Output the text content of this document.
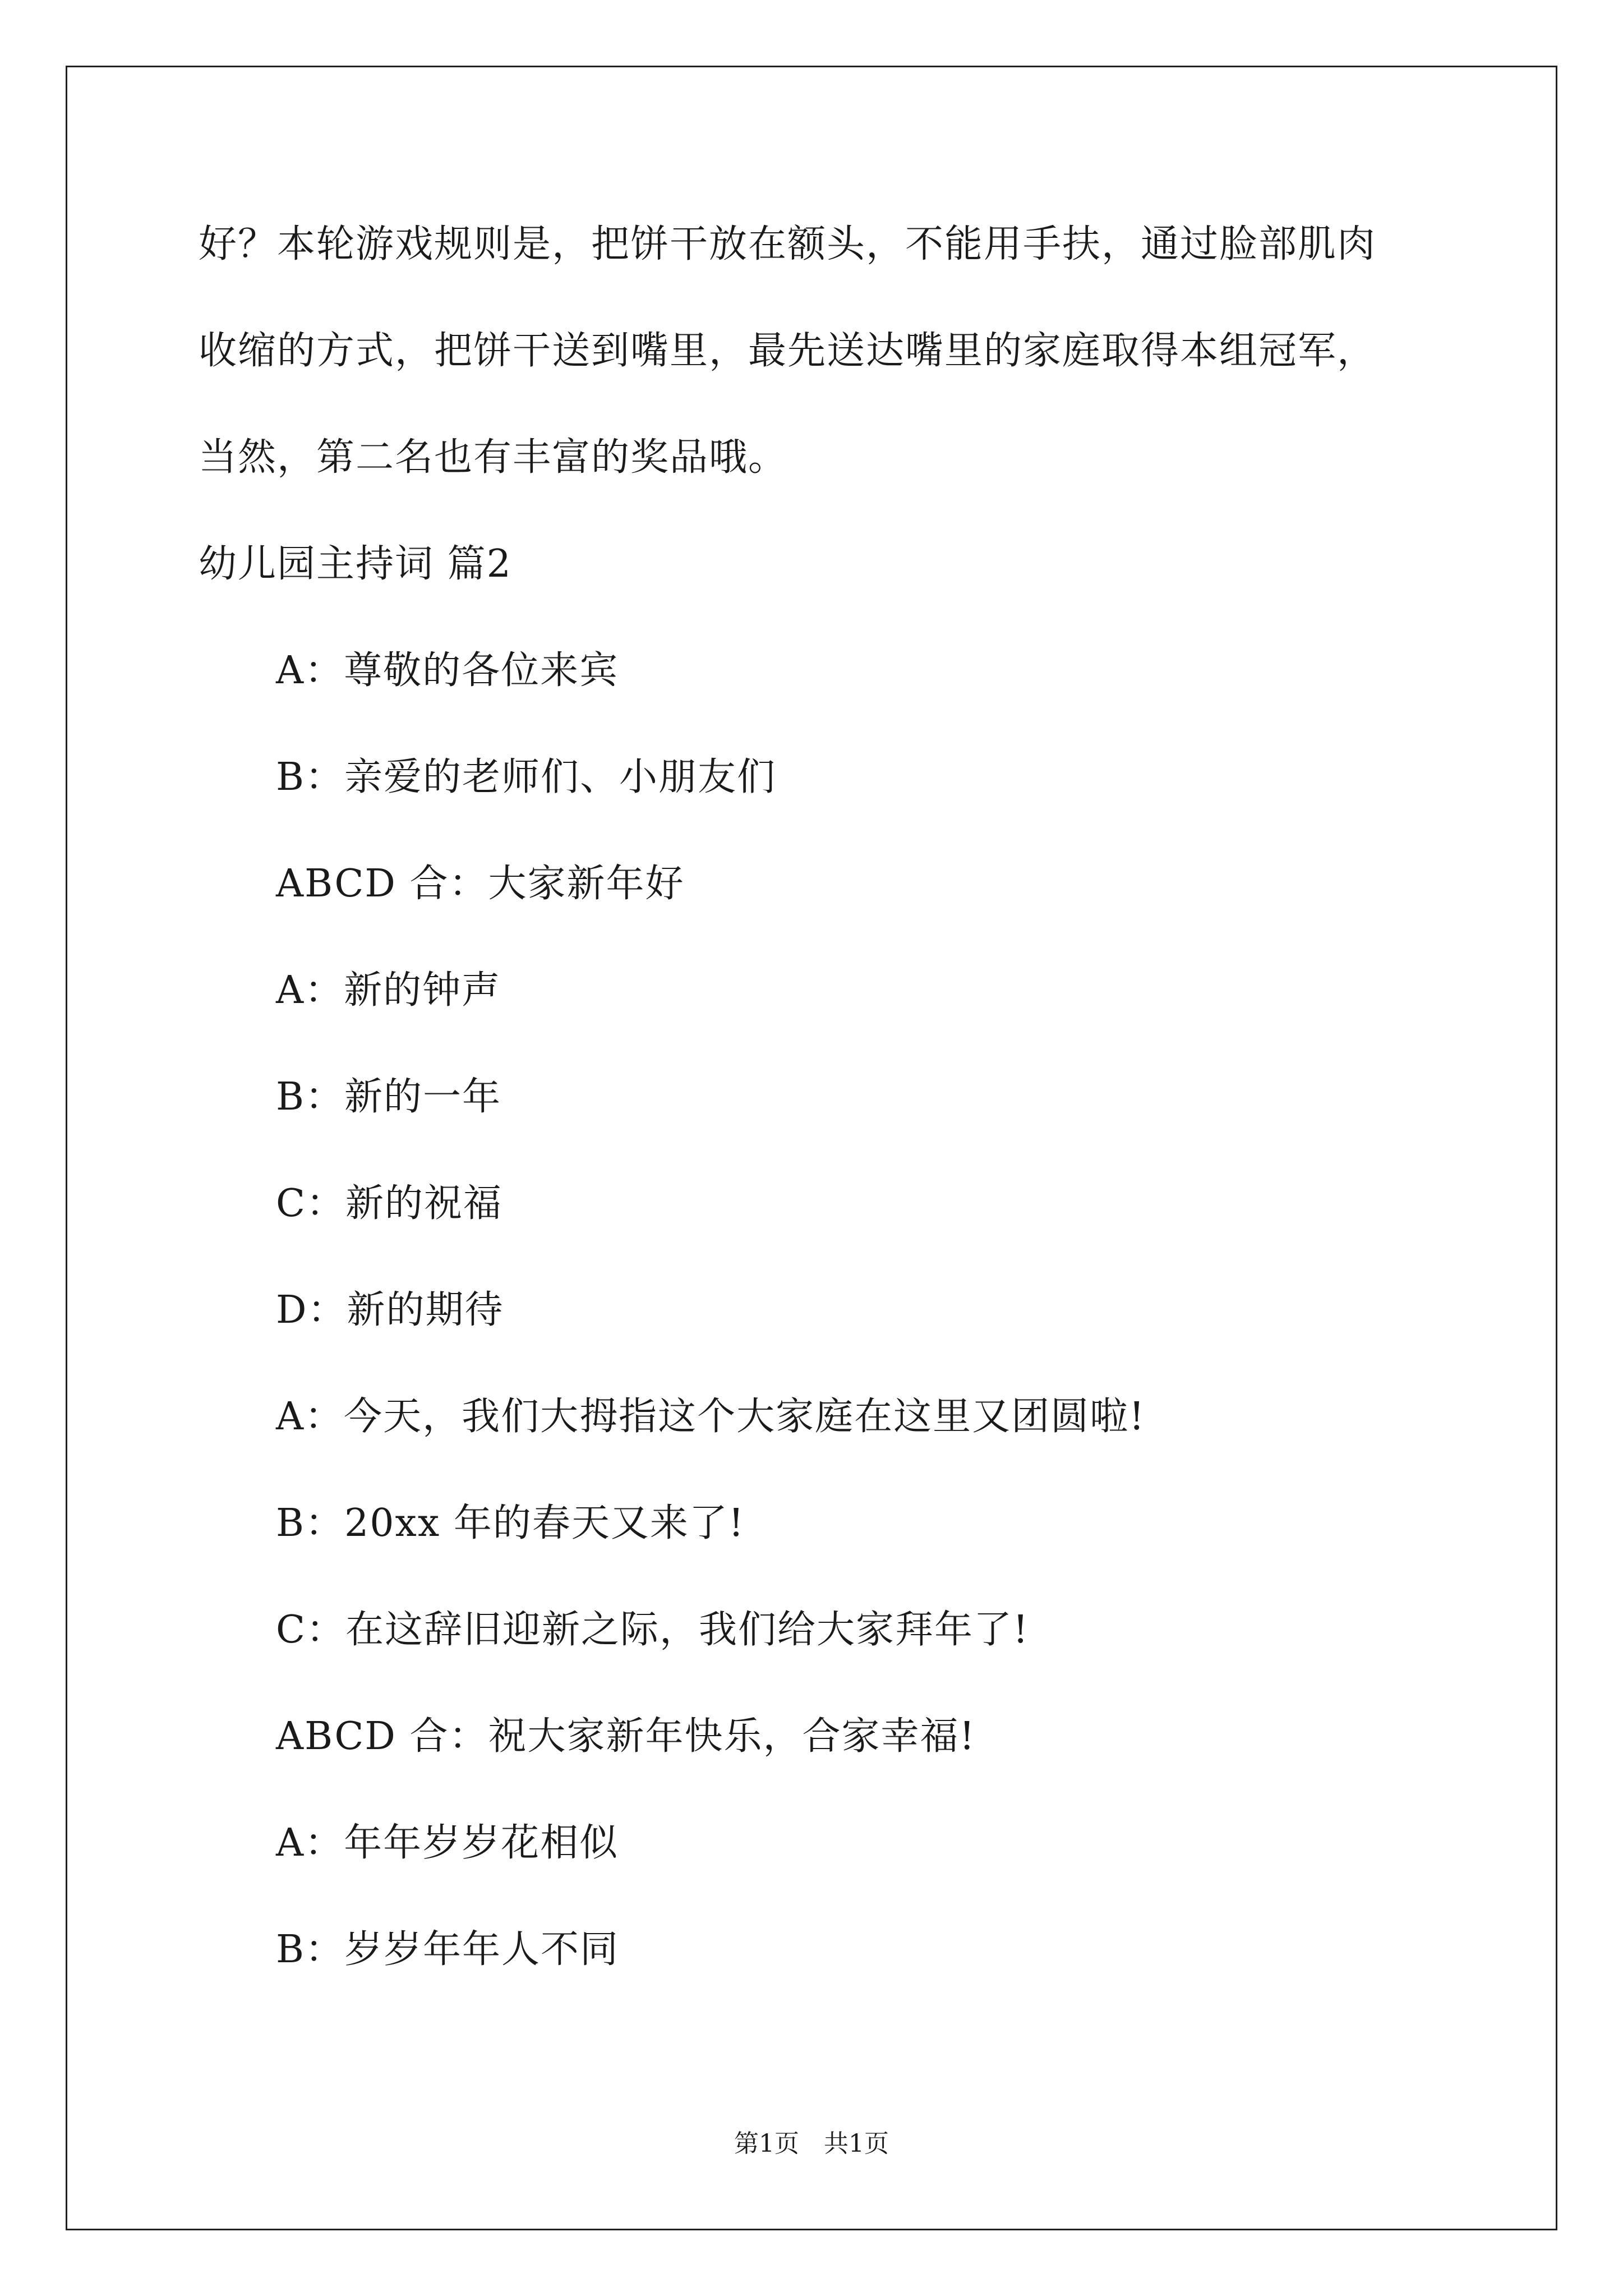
好？本轮游戏规则是，把饼干放在额头，不能用手扶，通过脸部肌肉
收缩的方式，把饼干送到嘴里，最先送达嘴里的家庭取得本组冠军，
当然，第二名也有丰富的奖品哦。
幼儿园主持词 篇2
A：尊敬的各位来宾
B：亲爱的老师们、小朋友们
ABCD 合：大家新年好
A：新的钟声
B：新的一年
C：新的祝福
D：新的期待
A：今天，我们大拇指这个大家庭在这里又团圆啦!
B：20xx 年的春天又来了!
C：在这辞旧迎新之际，我们给大家拜年了!
ABCD 合：祝大家新年快乐，合家幸福!
A：年年岁岁花相似
B：岁岁年年人不同
第1页　共1页
